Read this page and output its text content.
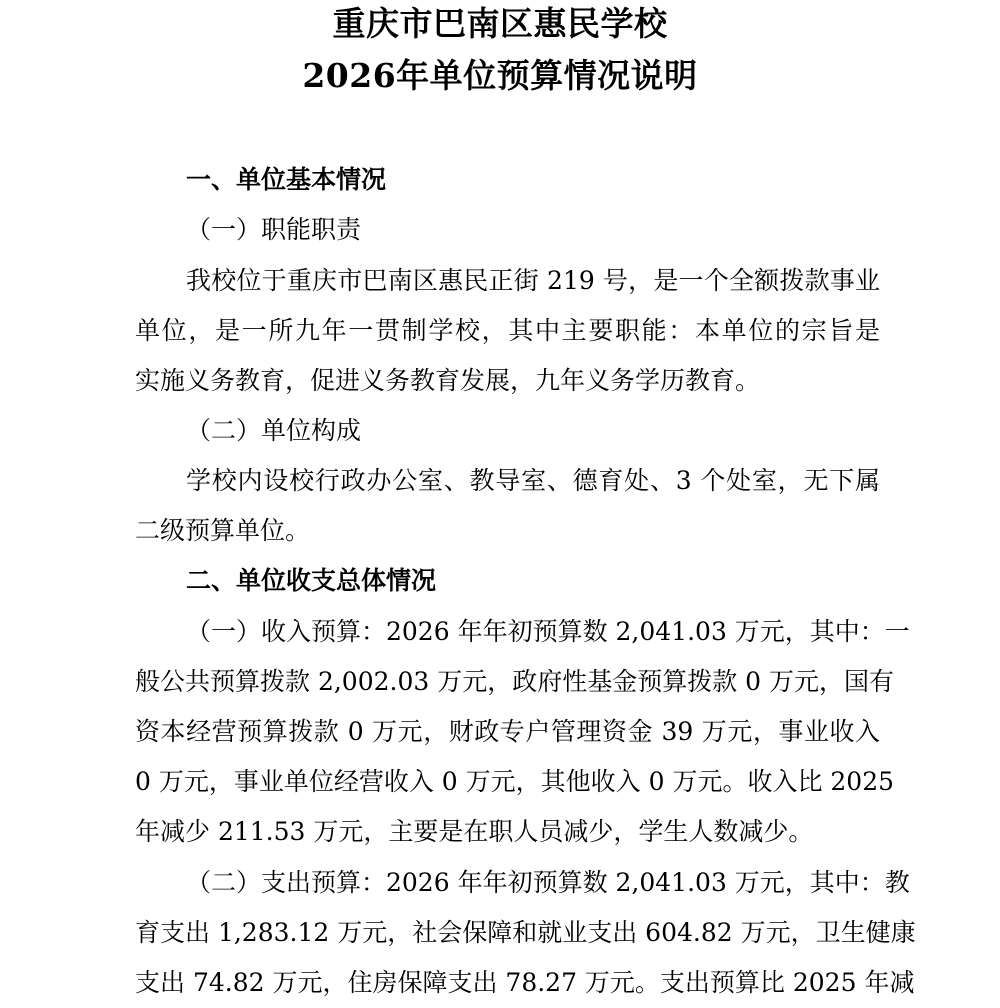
重庆市巴南区惠民学校
2026年单位预算情况说明

一、单位基本情况

（一）职能职责

我校位于重庆市巴南区惠民正街 219 号，是一个全额拨款事业

单位，是一所九年一贯制学校，其中主要职能：本单位的宗旨是

实施义务教育，促进义务教育发展，九年义务学历教育。

（二）单位构成

学校内设校行政办公室、教导室、德育处、3 个处室，无下属

二级预算单位。

二、单位收支总体情况

（一）收入预算：2026 年年初预算数 2,041.03 万元，其中：一

般公共预算拨款 2,002.03 万元，政府性基金预算拨款 0 万元，国有

资本经营预算拨款 0 万元，财政专户管理资金 39 万元，事业收入

0 万元，事业单位经营收入 0 万元，其他收入 0 万元。收入比 2025

年减少 211.53 万元，主要是在职人员减少，学生人数减少。

（二）支出预算：2026 年年初预算数 2,041.03 万元，其中：教

育支出 1,283.12 万元，社会保障和就业支出 604.82 万元，卫生健康

支出 74.82 万元，住房保障支出 78.27 万元。支出预算比 2025 年减
